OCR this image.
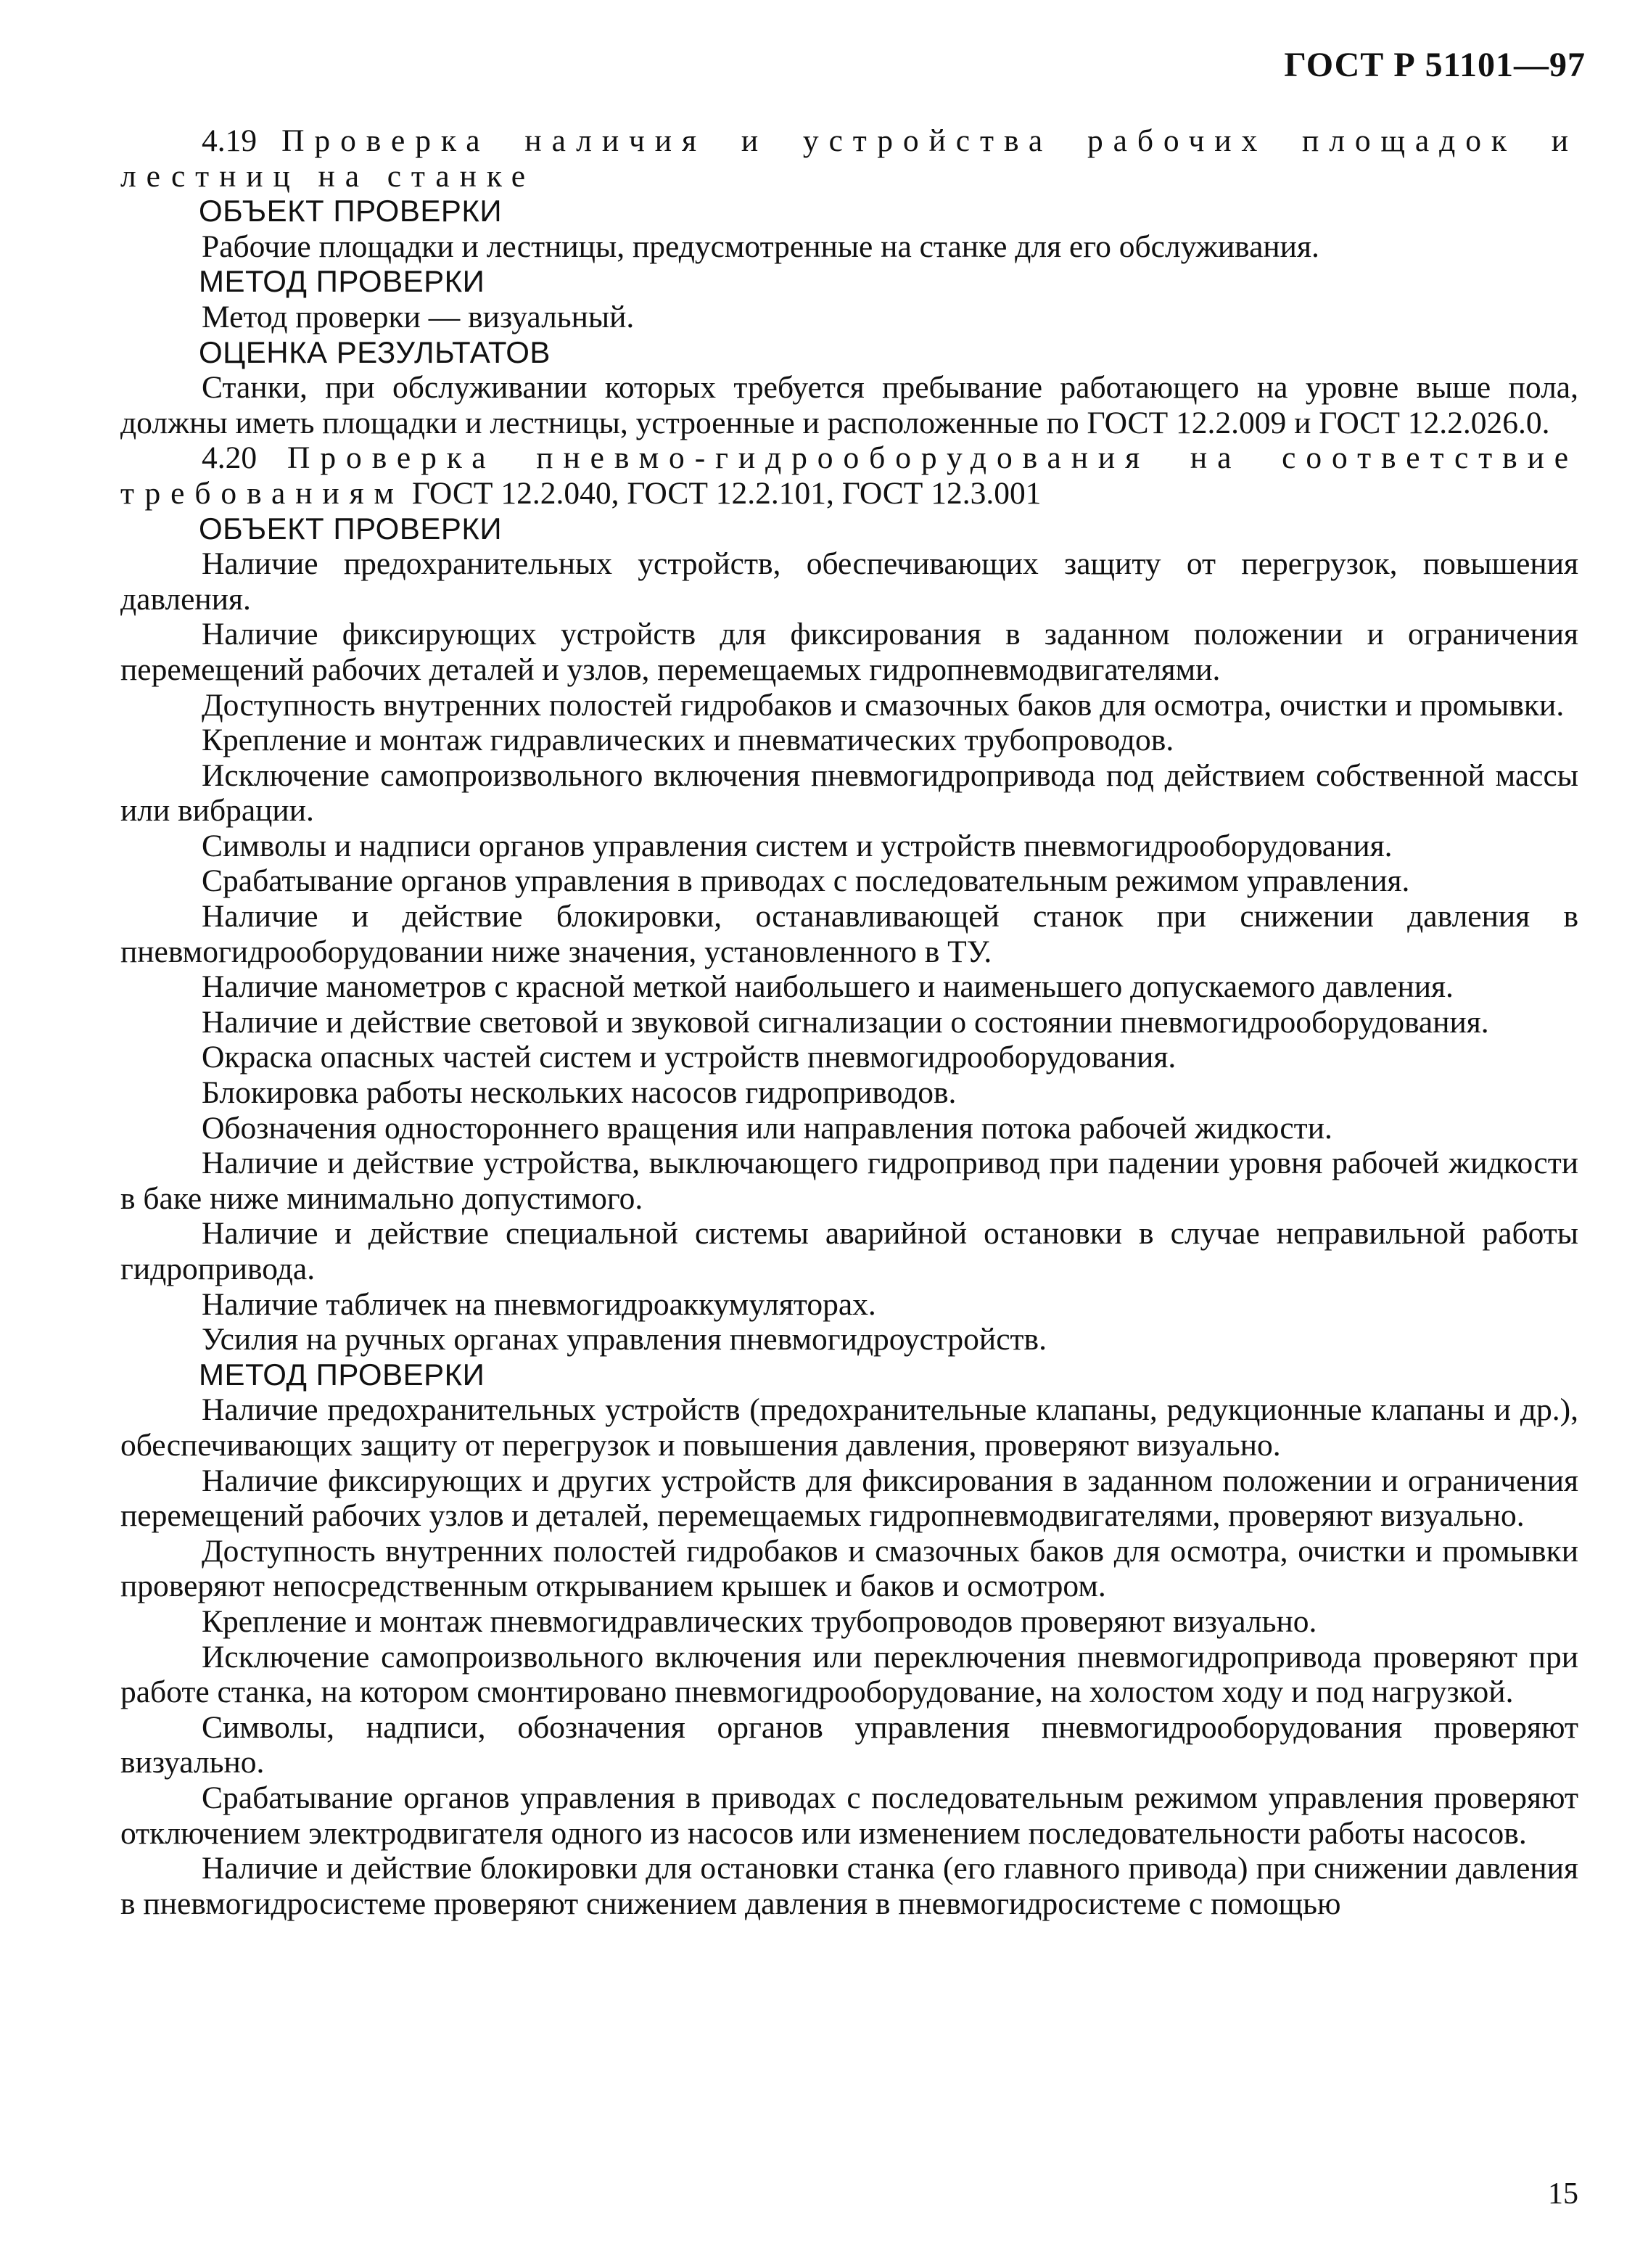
ГОСТ Р 51101—97

4.19 Проверка наличия и устройства рабочих площадок и лестниц на станке

ОБЪЕКТ ПРОВЕРКИ

Рабочие площадки и лестницы, предусмотренные на станке для его обслуживания.

МЕТОД ПРОВЕРКИ

Метод проверки — визуальный.

ОЦЕНКА РЕЗУЛЬТАТОВ

Станки, при обслуживании которых требуется пребывание работающего на уровне выше пола, должны иметь площадки и лестницы, устроенные и расположенные по ГОСТ 12.2.009 и ГОСТ 12.2.026.0.

4.20 Проверка пневмо-гидрооборудования на соответствие требованиям ГОСТ 12.2.040, ГОСТ 12.2.101, ГОСТ 12.3.001

ОБЪЕКТ ПРОВЕРКИ

Наличие предохранительных устройств, обеспечивающих защиту от перегрузок, повышения давления.

Наличие фиксирующих устройств для фиксирования в заданном положении и ограничения перемещений рабочих деталей и узлов, перемещаемых гидропневмодвигателями.

Доступность внутренних полостей гидробаков и смазочных баков для осмотра, очистки и промывки.

Крепление и монтаж гидравлических и пневматических трубопроводов.

Исключение самопроизвольного включения пневмогидропривода под действием собственной массы или вибрации.

Символы и надписи органов управления систем и устройств пневмогидрооборудования.

Срабатывание органов управления в приводах с последовательным режимом управления.

Наличие и действие блокировки, останавливающей станок при снижении давления в пневмогидрооборудовании ниже значения, установленного в ТУ.

Наличие манометров с красной меткой наибольшего и наименьшего допускаемого давления.

Наличие и действие световой и звуковой сигнализации о состоянии пневмогидрооборудования.

Окраска опасных частей систем и устройств пневмогидрооборудования.

Блокировка работы нескольких насосов гидроприводов.

Обозначения одностороннего вращения или направления потока рабочей жидкости.

Наличие и действие устройства, выключающего гидропривод при падении уровня рабочей жидкости в баке ниже минимально допустимого.

Наличие и действие специальной системы аварийной остановки в случае неправильной работы гидропривода.

Наличие табличек на пневмогидроаккумуляторах.

Усилия на ручных органах управления пневмогидроустройств.

МЕТОД ПРОВЕРКИ

Наличие предохранительных устройств (предохранительные клапаны, редукционные клапаны и др.), обеспечивающих защиту от перегрузок и повышения давления, проверяют визуально.

Наличие фиксирующих и других устройств для фиксирования в заданном положении и ограничения перемещений рабочих узлов и деталей, перемещаемых гидропневмодвигателями, проверяют визуально.

Доступность внутренних полостей гидробаков и смазочных баков для осмотра, очистки и промывки проверяют непосредственным открыванием крышек и баков и осмотром.

Крепление и монтаж пневмогидравлических трубопроводов проверяют визуально.

Исключение самопроизвольного включения или переключения пневмогидропривода проверяют при работе станка, на котором смонтировано пневмогидрооборудование, на холостом ходу и под нагрузкой.

Символы, надписи, обозначения органов управления пневмогидрооборудования проверяют визуально.

Срабатывание органов управления в приводах с последовательным режимом управления проверяют отключением электродвигателя одного из насосов или изменением последовательности работы насосов.

Наличие и действие блокировки для остановки станка (его главного привода) при снижении давления в пневмогидросистеме проверяют снижением давления в пневмогидросистеме с помощью

15
